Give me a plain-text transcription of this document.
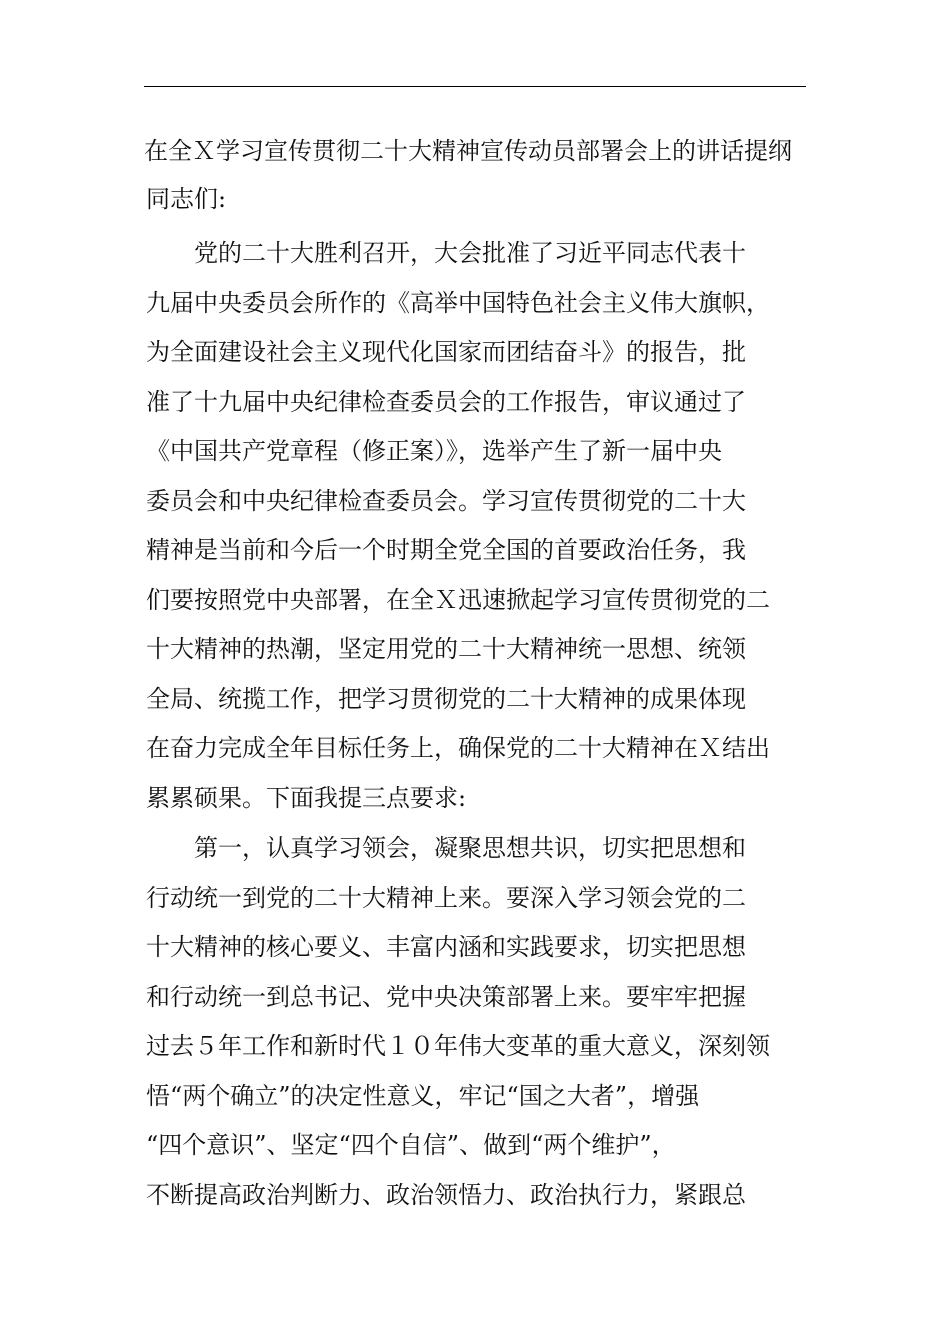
在全Ｘ学习宣传贯彻二十大精神宣传动员部署会上的讲话提纲
同志们:
　　党的二十大胜利召开，大会批准了习近平同志代表十
九届中央委员会所作的《高举中国特色社会主义伟大旗帜，
为全面建设社会主义现代化国家而团结奋斗》的报告，批
准了十九届中央纪律检查委员会的工作报告，审议通过了
《中国共产党章程（修正案）》，选举产生了新一届中央
委员会和中央纪律检查委员会。学习宣传贯彻党的二十大
精神是当前和今后一个时期全党全国的首要政治任务，我
们要按照党中央部署，在全Ｘ迅速掀起学习宣传贯彻党的二
十大精神的热潮，坚定用党的二十大精神统一思想、统领
全局、统揽工作，把学习贯彻党的二十大精神的成果体现
在奋力完成全年目标任务上，确保党的二十大精神在Ｘ结出
累累硕果。下面我提三点要求:
　　第一，认真学习领会，凝聚思想共识，切实把思想和
行动统一到党的二十大精神上来。要深入学习领会党的二
十大精神的核心要义、丰富内涵和实践要求，切实把思想
和行动统一到总书记、党中央决策部署上来。要牢牢把握
过去５年工作和新时代１０年伟大变革的重大意义，深刻领
悟“两个确立”的决定性意义，牢记“国之大者”，增强
“四个意识”、坚定“四个自信”、做到“两个维护”，
不断提高政治判断力、政治领悟力、政治执行力，紧跟总
